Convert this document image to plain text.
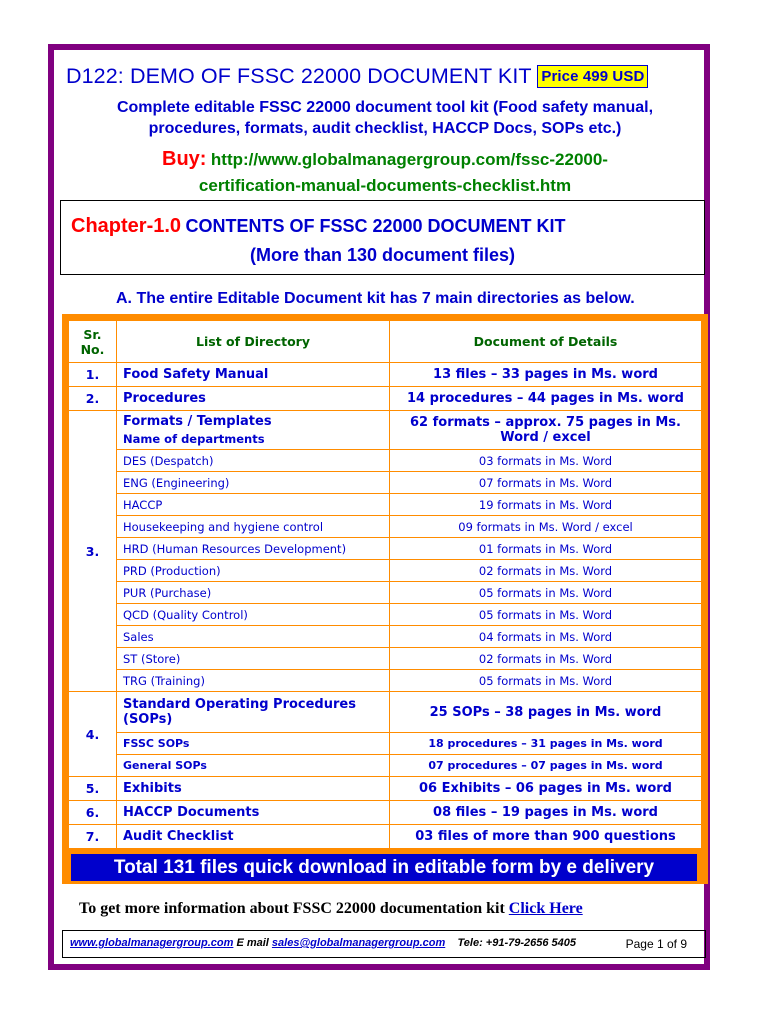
D122: DEMO OF FSSC 22000 DOCUMENT KIT Price 499 USD
Complete editable FSSC 22000 document tool kit (Food safety manual,
procedures, formats, audit checklist, HACCP Docs, SOPs etc.)
Buy: http://www.globalmanagergroup.com/fssc-22000-
certification-manual-documents-checklist.htm
Chapter-1.0 CONTENTS OF FSSC 22000 DOCUMENT KIT
(More than 130 document files)
A. The entire Editable Document kit has 7 main directories as below.
Sr. No.	List of Directory	Document of Details
1.	Food Safety Manual	13 files – 33 pages in Ms. word
2.	Procedures	14 procedures – 44 pages in Ms. word
3.	Formats / Templates
Name of departments	62 formats – approx. 75 pages in Ms. Word / excel
	DES (Despatch)	03 formats in Ms. Word
	ENG (Engineering)	07 formats in Ms. Word
	HACCP	19 formats in Ms. Word
	Housekeeping and hygiene control	09 formats in Ms. Word / excel
	HRD (Human Resources Development)	01 formats in Ms. Word
	PRD (Production)	02 formats in Ms. Word
	PUR (Purchase)	05 formats in Ms. Word
	QCD (Quality Control)	05 formats in Ms. Word
	Sales	04 formats in Ms. Word
	ST (Store)	02 formats in Ms. Word
	TRG (Training)	05 formats in Ms. Word
4.	Standard Operating Procedures (SOPs)	25 SOPs – 38 pages in Ms. word
	FSSC SOPs	18 procedures – 31 pages in Ms. word
	General SOPs	07 procedures – 07 pages in Ms. word
5.	Exhibits	06 Exhibits – 06 pages in Ms. word
6.	HACCP Documents	08 files – 19 pages in Ms. word
7.	Audit Checklist	03 files of more than 900 questions
Total 131 files quick download in editable form by e delivery
To get more information about FSSC 22000 documentation kit Click Here
www.globalmanagergroup.com E mail sales@globalmanagergroup.com Tele: +91-79-2656 5405	Page 1 of 9
